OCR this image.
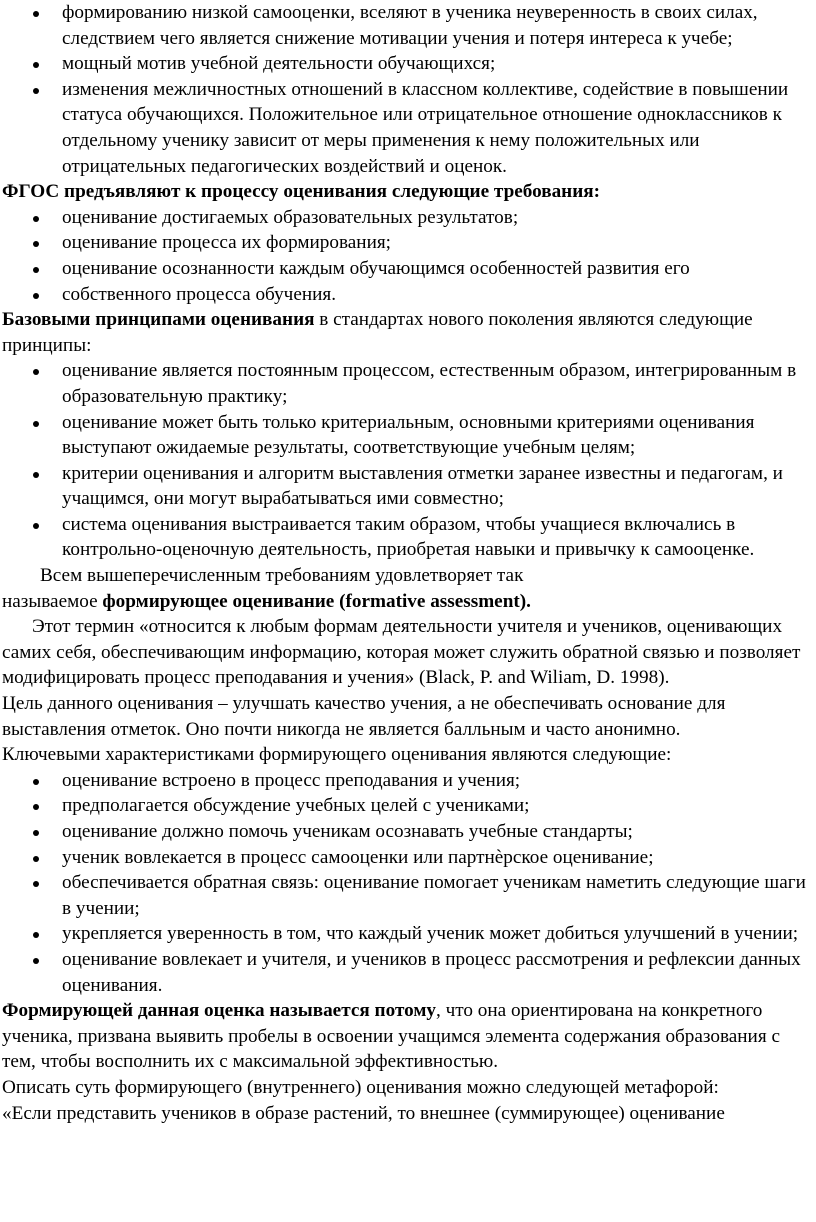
формированию низкой самооценки, вселяют в ученика неуверенность в своих силах, следствием чего является снижение мотивации учения и потеря интереса к учебе;
мощный мотив учебной деятельности обучающихся;
изменения межличностных отношений в классном коллективе, содействие в повышении статуса обучающихся. Положительное или отрицательное отношение одноклассников к отдельному ученику зависит от меры применения к нему положительных или отрицательных педагогических воздействий и оценок.

ФГОС предъявляют к процессу оценивания следующие требования:

оценивание достигаемых образовательных результатов;
оценивание процесса их формирования;
оценивание осознанности каждым обучающимся особенностей развития его
собственного процесса обучения.

Базовыми принципами оценивания в стандартах нового поколения являются следующие принципы:

оценивание является постоянным процессом, естественным образом, интегрированным в образовательную практику;
оценивание может быть только критериальным, основными критериями оценивания выступают ожидаемые результаты, соответствующие учебным целям;
критерии оценивания и алгоритм выставления отметки заранее известны и педагогам, и учащимся, они могут вырабатываться ими совместно;
система оценивания выстраивается таким образом, чтобы учащиеся включались в контрольно-оценочную деятельность, приобретая навыки и привычку к самооценке.

Всем вышеперечисленным требованиям удовлетворяет так

называемое формирующее оценивание (formative assessment).

Этот термин «относится к любым формам деятельности учителя и учеников, оценивающих самих себя, обеспечивающим информацию, которая может служить обратной связью и позволяет модифицировать процесс преподавания и учения» (Black, P. and Wiliam, D. 1998).

Цель данного оценивания – улучшать качество учения, а не обеспечивать основание для выставления отметок. Оно почти никогда не является балльным и часто анонимно.

Ключевыми характеристиками формирующего оценивания являются следующие:

оценивание встроено в процесс преподавания и учения;
предполагается обсуждение учебных целей с учениками;
оценивание должно помочь ученикам осознавать учебные стандарты;
ученик вовлекается в процесс самооценки или партнѐрское оценивание;
обеспечивается обратная связь: оценивание помогает ученикам наметить следующие шаги в учении;
укрепляется уверенность в том, что каждый ученик может добиться улучшений в учении;
оценивание вовлекает и учителя, и учеников в процесс рассмотрения и рефлексии данных оценивания.

Формирующей данная оценка называется потому, что она ориентирована на конкретного ученика, призвана выявить пробелы в освоении учащимся элемента содержания образования с тем, чтобы восполнить их с максимальной эффективностью.

Описать суть формирующего (внутреннего) оценивания можно следующей метафорой:

«Если представить учеников в образе растений, то внешнее (суммирующее) оценивание
